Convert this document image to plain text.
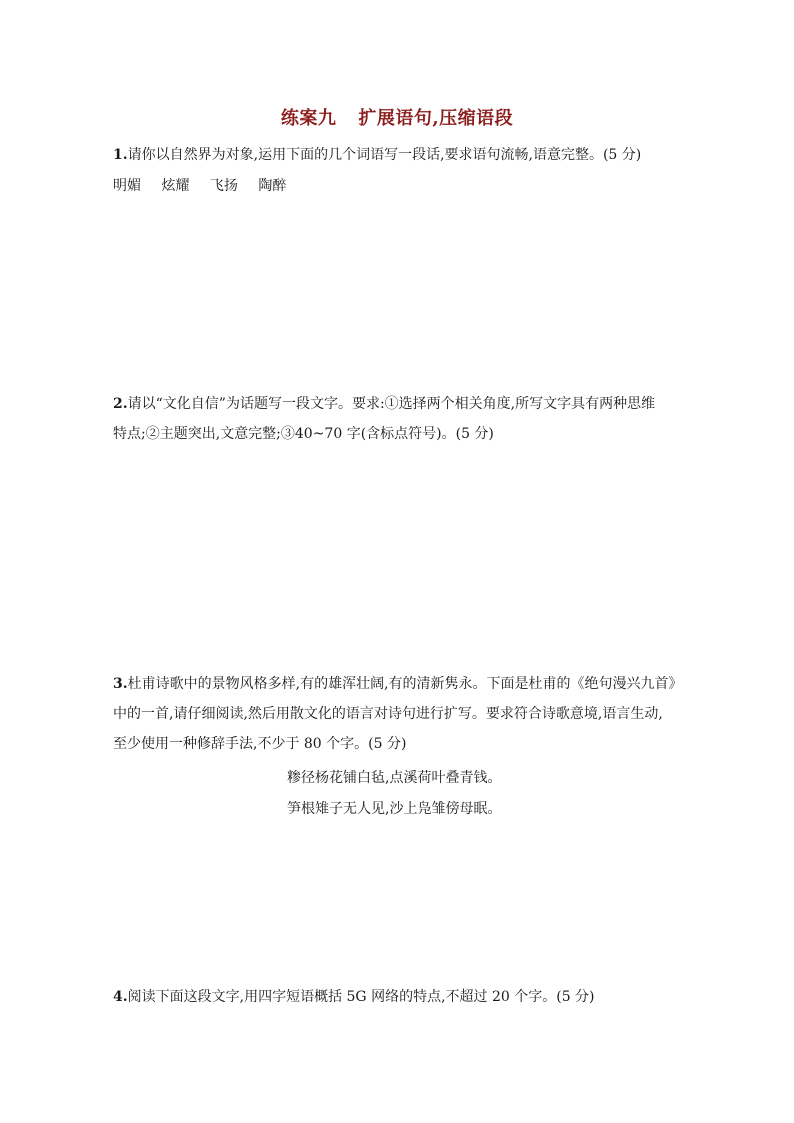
练案九 扩展语句,压缩语段
1.请你以自然界为对象,运用下面的几个词语写一段话,要求语句流畅,语意完整。(5 分)
明媚 炫耀 飞扬 陶醉
2.请以“文化自信”为话题写一段文字。要求:①选择两个相关角度,所写文字具有两种思维
特点;②主题突出,文意完整;③40~70 字(含标点符号)。(5 分)
3.杜甫诗歌中的景物风格多样,有的雄浑壮阔,有的清新隽永。下面是杜甫的《绝句漫兴九首》
中的一首,请仔细阅读,然后用散文化的语言对诗句进行扩写。要求符合诗歌意境,语言生动,
至少使用一种修辞手法,不少于 80 个字。(5 分)
糁径杨花铺白毡,点溪荷叶叠青钱。
笋根雉子无人见,沙上凫雏傍母眠。
4.阅读下面这段文字,用四字短语概括 5G 网络的特点,不超过 20 个字。(5 分)
